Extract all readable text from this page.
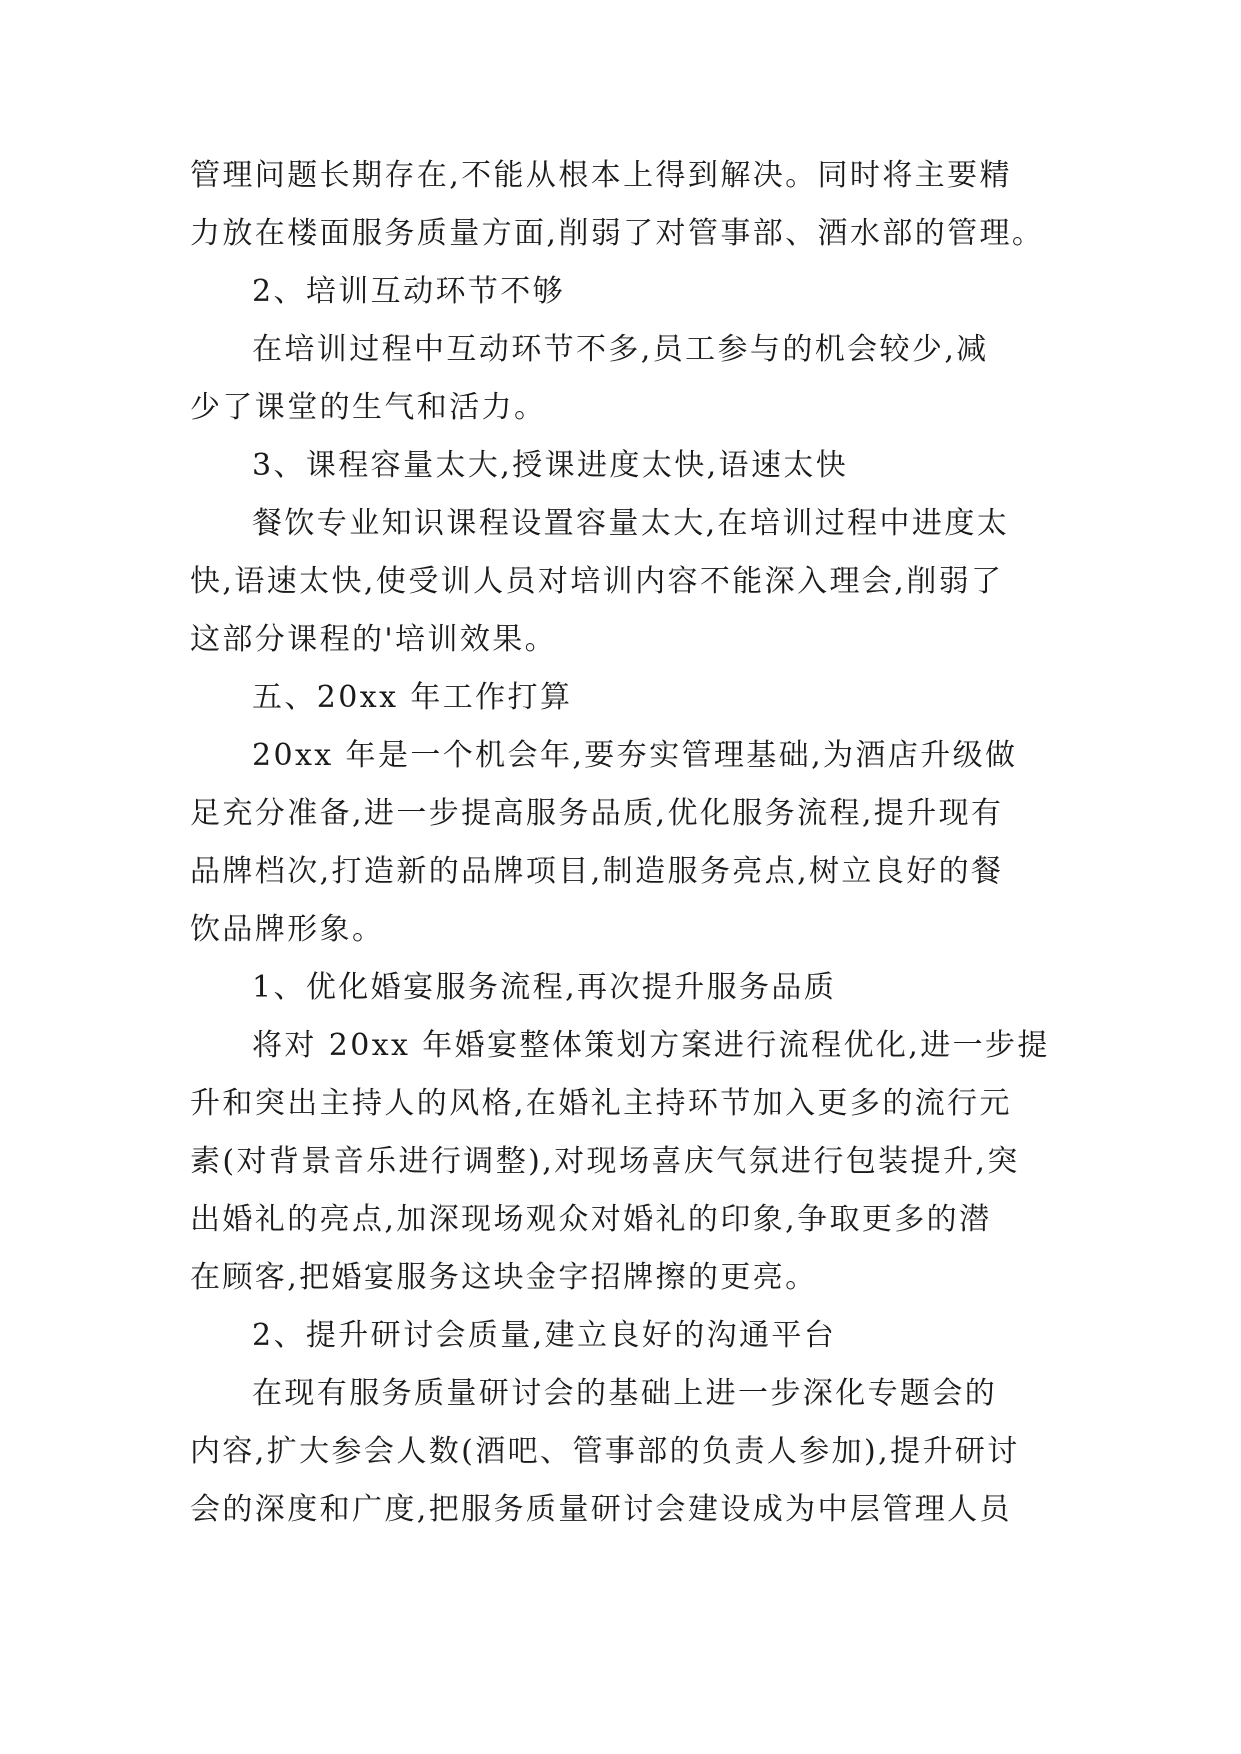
管理问题长期存在,不能从根本上得到解决。同时将主要精

力放在楼面服务质量方面,削弱了对管事部、酒水部的管理。

2、培训互动环节不够

在培训过程中互动环节不多,员工参与的机会较少,减

少了课堂的生气和活力。

3、课程容量太大,授课进度太快,语速太快

餐饮专业知识课程设置容量太大,在培训过程中进度太

快,语速太快,使受训人员对培训内容不能深入理会,削弱了

这部分课程的'培训效果。

五、20xx 年工作打算

20xx 年是一个机会年,要夯实管理基础,为酒店升级做

足充分准备,进一步提高服务品质,优化服务流程,提升现有

品牌档次,打造新的品牌项目,制造服务亮点,树立良好的餐

饮品牌形象。

1、优化婚宴服务流程,再次提升服务品质

将对 20xx 年婚宴整体策划方案进行流程优化,进一步提

升和突出主持人的风格,在婚礼主持环节加入更多的流行元

素(对背景音乐进行调整),对现场喜庆气氛进行包装提升,突

出婚礼的亮点,加深现场观众对婚礼的印象,争取更多的潜

在顾客,把婚宴服务这块金字招牌擦的更亮。

2、提升研讨会质量,建立良好的沟通平台

在现有服务质量研讨会的基础上进一步深化专题会的

内容,扩大参会人数(酒吧、管事部的负责人参加),提升研讨

会的深度和广度,把服务质量研讨会建设成为中层管理人员
